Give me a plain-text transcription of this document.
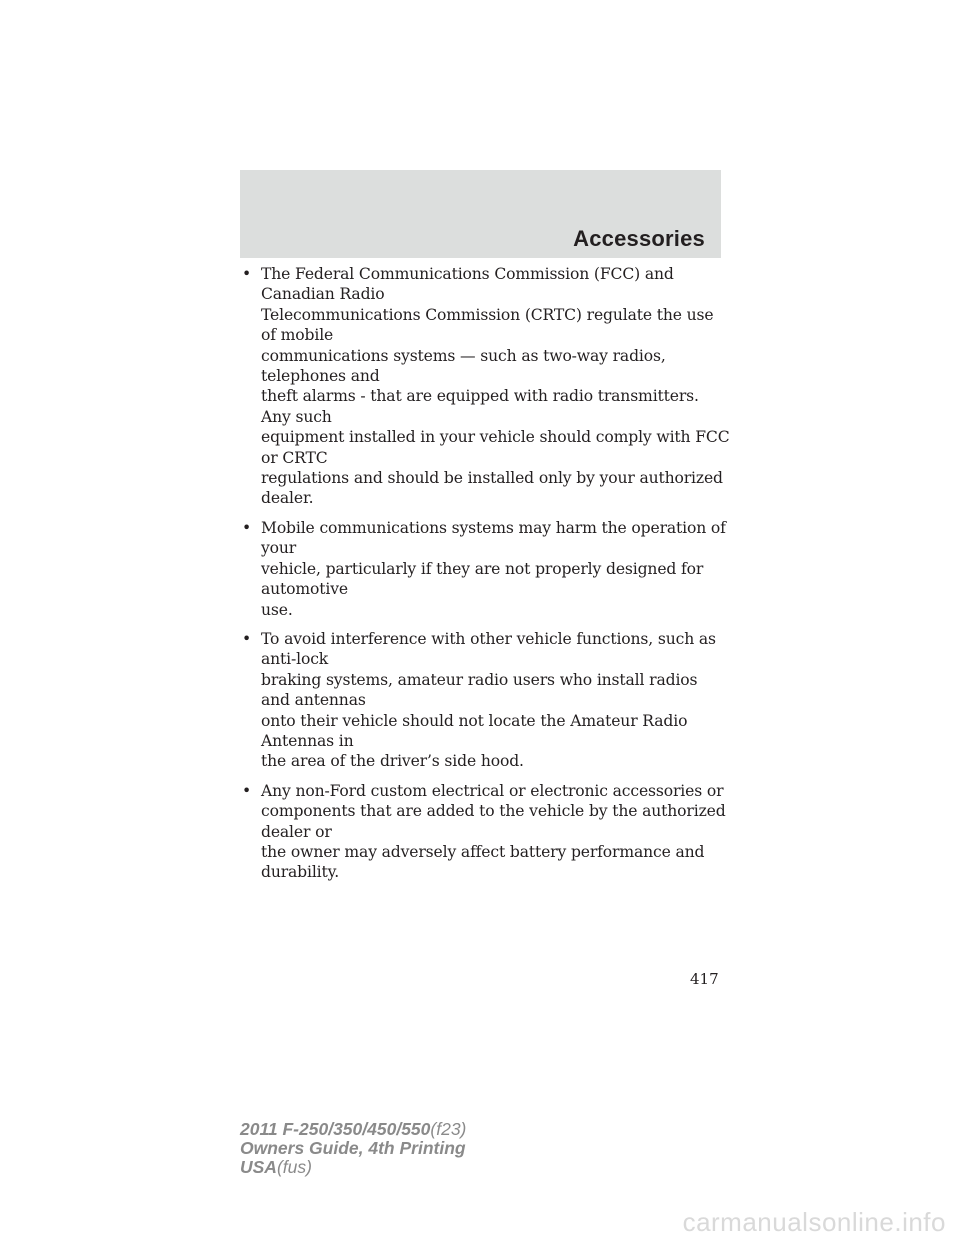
Accessories
• The Federal Communications Commission (FCC) and Canadian Radio
Telecommunications Commission (CRTC) regulate the use of mobile
communications systems — such as two-way radios, telephones and
theft alarms - that are equipped with radio transmitters. Any such
equipment installed in your vehicle should comply with FCC or CRTC
regulations and should be installed only by your authorized dealer.
• Mobile communications systems may harm the operation of your
vehicle, particularly if they are not properly designed for automotive
use.
• To avoid interference with other vehicle functions, such as anti-lock
braking systems, amateur radio users who install radios and antennas
onto their vehicle should not locate the Amateur Radio Antennas in
the area of the driver’s side hood.
• Any non-Ford custom electrical or electronic accessories or
components that are added to the vehicle by the authorized dealer or
the owner may adversely affect battery performance and durability.
417
2011 F-250/350/450/550(f23)
Owners Guide, 4th Printing
USA(fus)
carmanualsonline.info
